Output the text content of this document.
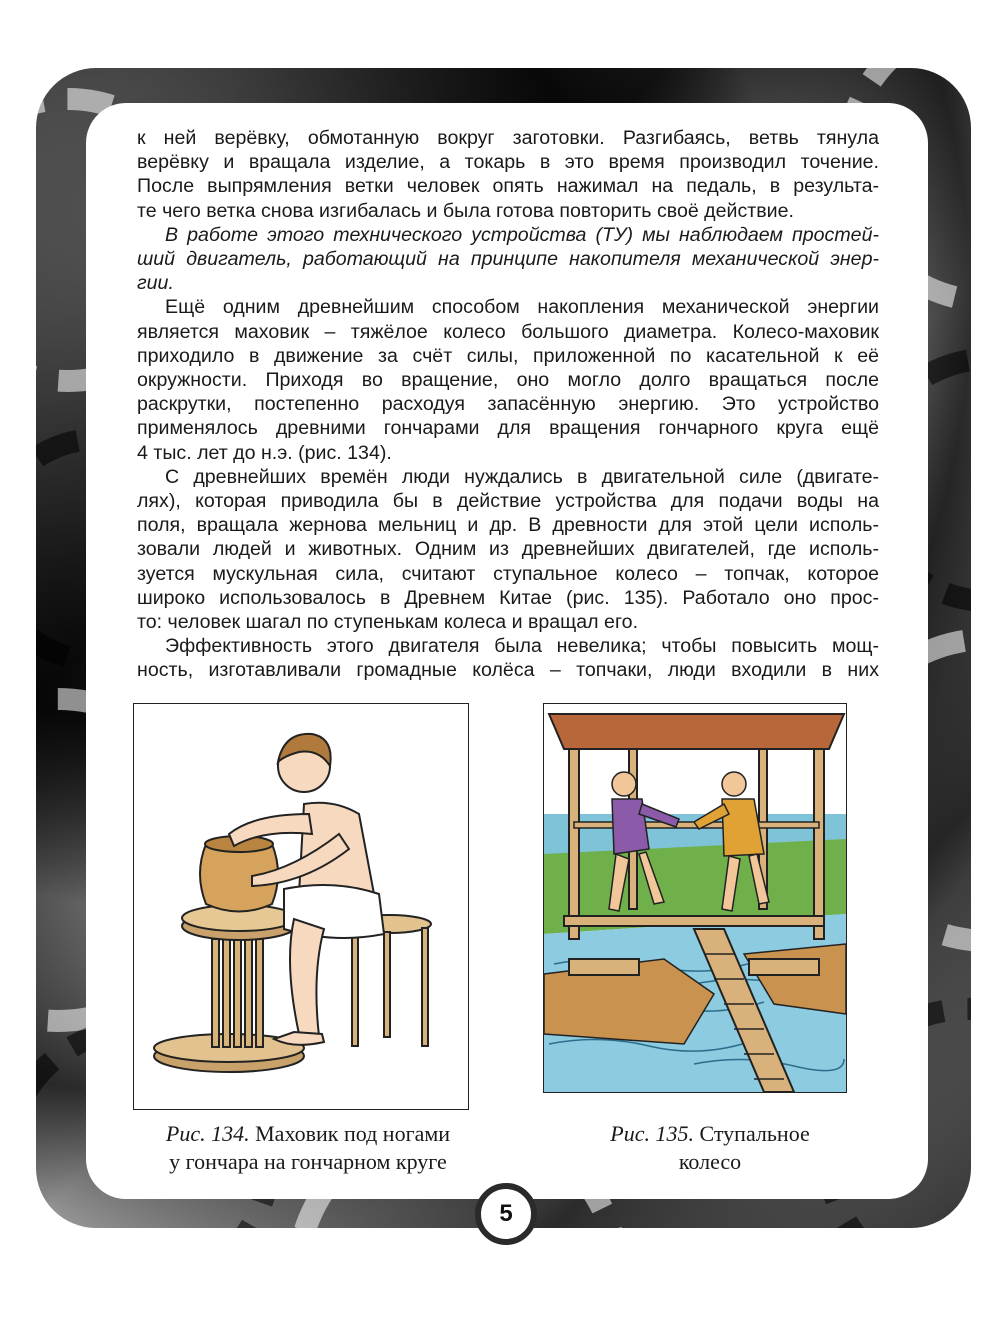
к ней верёвку, обмотанную вокруг заготовки. Разгибаясь, ветвь тянула

верёвку и вращала изделие, а токарь в это время производил точение.

После выпрямления ветки человек опять нажимал на педаль, в результа-

те чего ветка снова изгибалась и была готова повторить своё действие.

В работе этого технического устройства (ТУ) мы наблюдаем простей-

ший двигатель, работающий на принципе накопителя механической энер-

гии.

Ещё одним древнейшим способом накопления механической энергии

является маховик – тяжёлое колесо большого диаметра. Колесо-маховик

приходило в движение за счёт силы, приложенной по касательной к её

окружности. Приходя во вращение, оно могло долго вращаться после

раскрутки, постепенно расходуя запасённую энергию. Это устройство

применялось древними гончарами для вращения гончарного круга ещё

4 тыс. лет до н.э. (рис. 134).

С древнейших времён люди нуждались в двигательной силе (двигате-

лях), которая приводила бы в действие устройства для подачи воды на

поля, вращала жернова мельниц и др. В древности для этой цели исполь-

зовали людей и животных. Одним из древнейших двигателей, где исполь-

зуется мускульная сила, считают ступальное колесо – топчак, которое

широко использовалось в Древнем Китае (рис. 135). Работало оно прос-

то: человек шагал по ступенькам колеса и вращал его.

Эффективность этого двигателя была невелика; чтобы повысить мощ-

ность, изготавливали громадные колёса – топчаки, люди входили в них

Рис. 134. Маховик под ногами
у гончара на гончарном круге
Рис. 135. Ступальное
колесо
5
